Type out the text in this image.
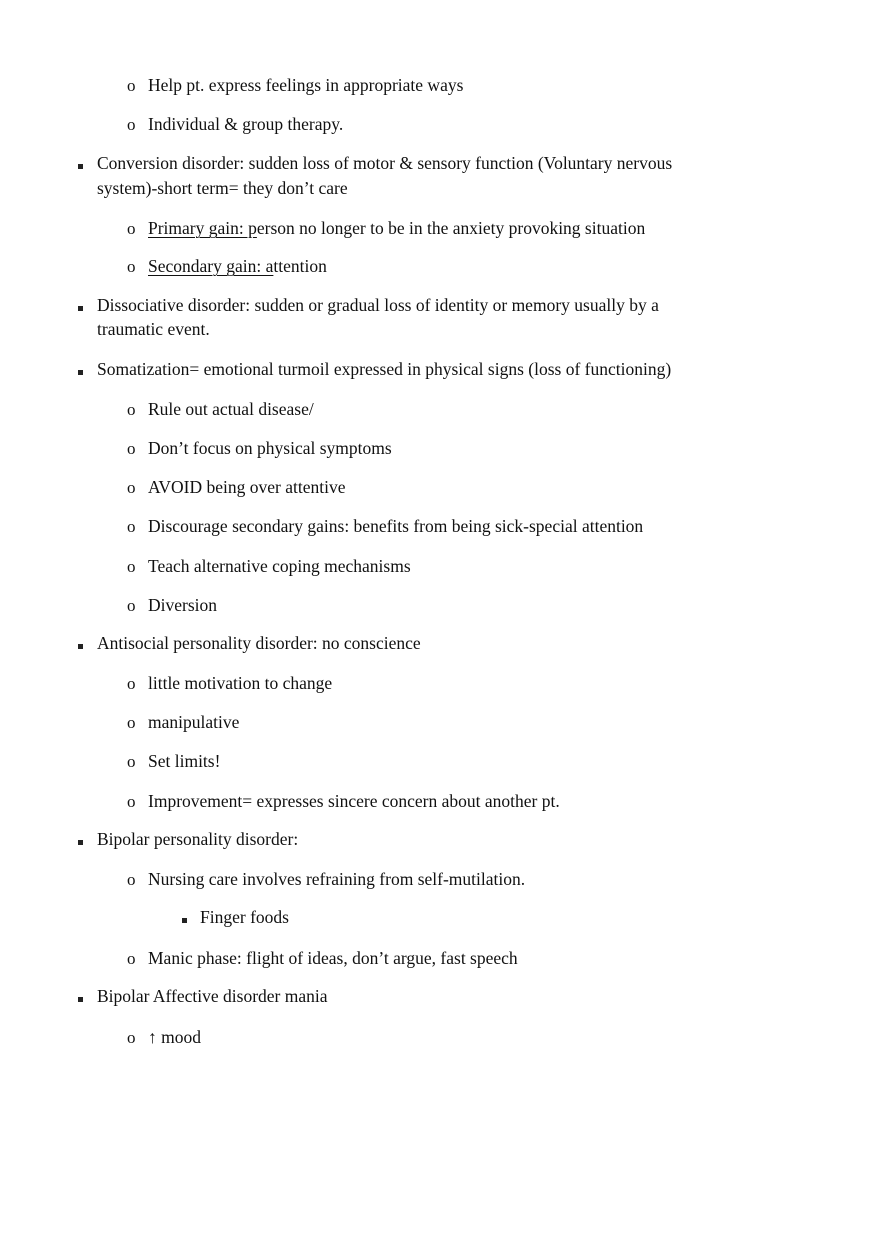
o Help pt. express feelings in appropriate ways
o Individual & group therapy.
Conversion disorder: sudden loss of motor & sensory function (Voluntary nervous
system)-short term= they don’t care
o Primary gain: person no longer to be in the anxiety provoking situation
o Secondary gain: attention
Dissociative disorder: sudden or gradual loss of identity or memory usually by a
traumatic event.
Somatization= emotional turmoil expressed in physical signs (loss of functioning)
o Rule out actual disease/
o Don’t focus on physical symptoms
o AVOID being over attentive
o Discourage secondary gains: benefits from being sick-special attention
o Teach alternative coping mechanisms
o Diversion
Antisocial personality disorder: no conscience
o little motivation to change
o manipulative
o Set limits!
o Improvement= expresses sincere concern about another pt.
Bipolar personality disorder:
o Nursing care involves refraining from self-mutilation.
Finger foods
o Manic phase: flight of ideas, don’t argue, fast speech
Bipolar Affective disorder mania
o ↑ mood
